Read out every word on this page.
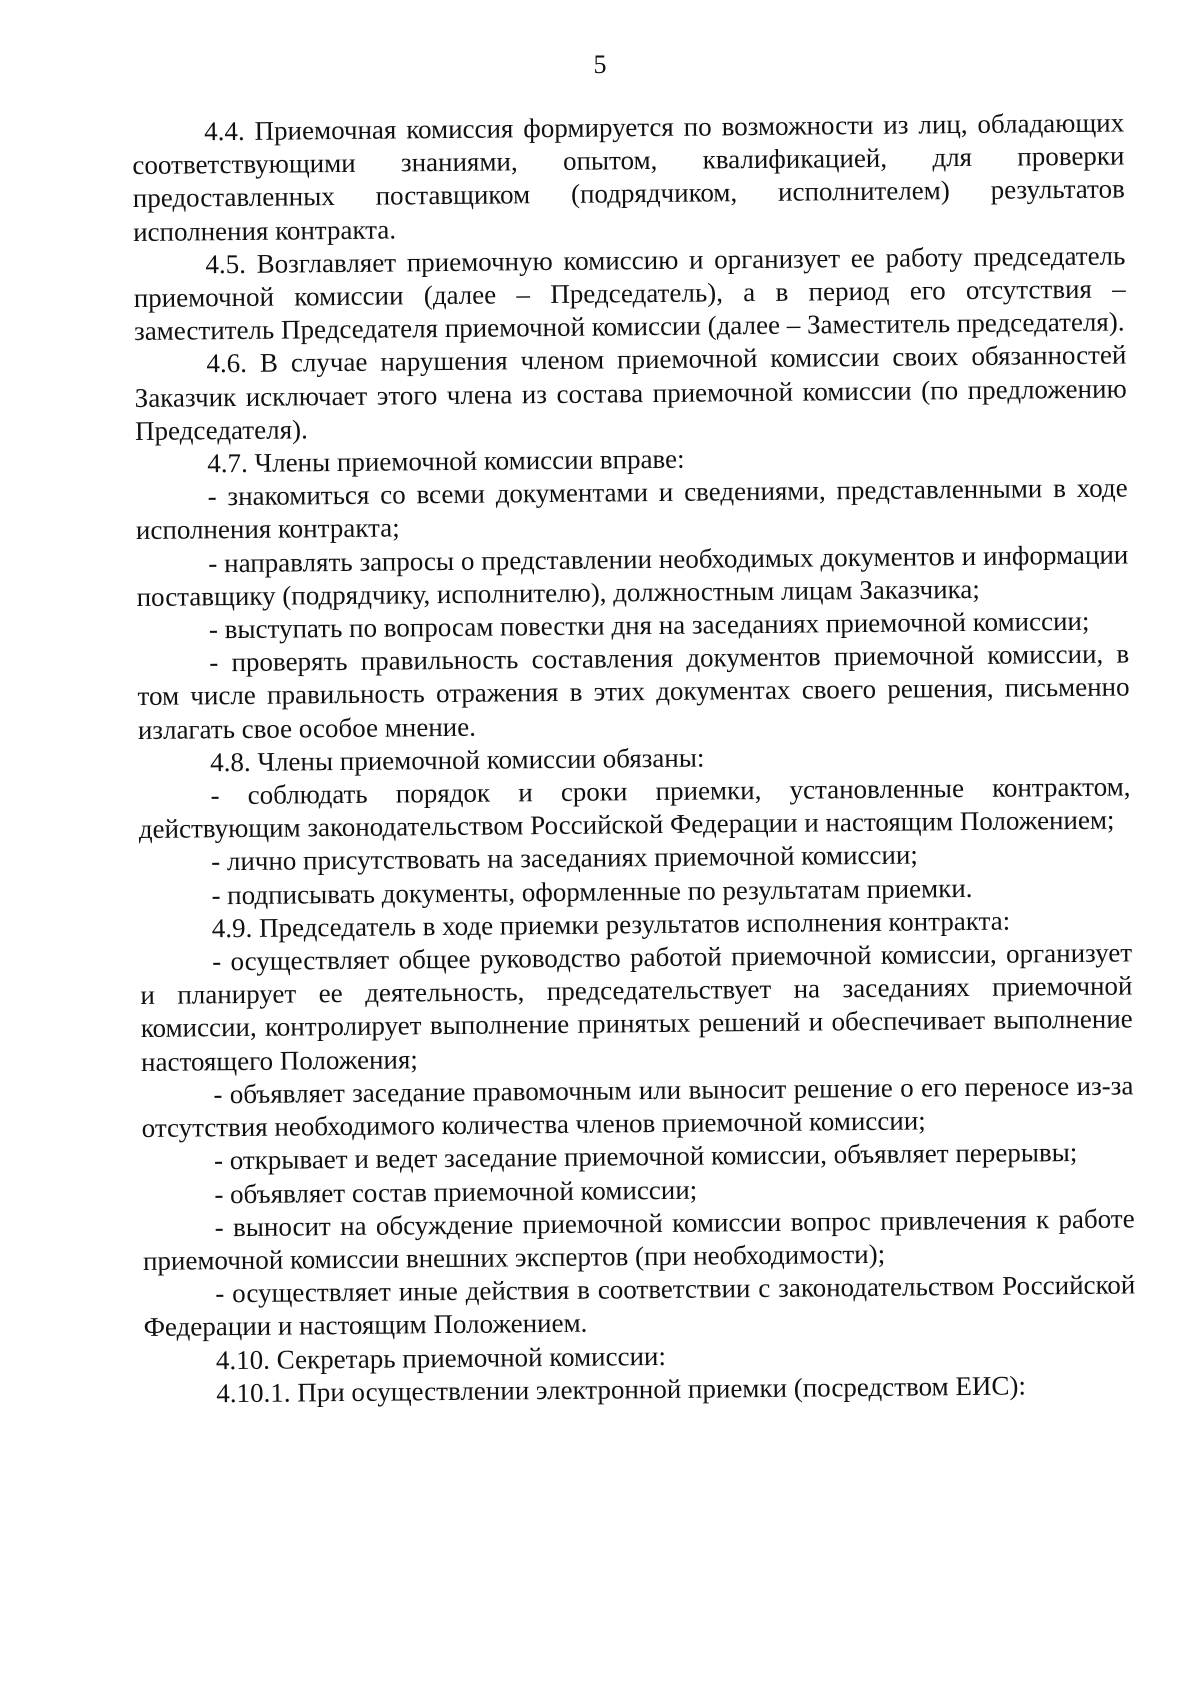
5

4.4. Приемочная комиссия формируется по возможности из лиц, обладающих соответствующими знаниями, опытом, квалификацией, для проверки предоставленных поставщиком (подрядчиком, исполнителем) результатов исполнения контракта.

4.5. Возглавляет приемочную комиссию и организует ее работу председатель приемочной комиссии (далее – Председатель), а в период его отсутствия – заместитель Председателя приемочной комиссии (далее – Заместитель председателя).

4.6. В случае нарушения членом приемочной комиссии своих обязанностей Заказчик исключает этого члена из состава приемочной комиссии (по предложению Председателя).

4.7. Члены приемочной комиссии вправе:

- знакомиться со всеми документами и сведениями, представленными в ходе исполнения контракта;

- направлять запросы о представлении необходимых документов и информации поставщику (подрядчику, исполнителю), должностным лицам Заказчика;

- выступать по вопросам повестки дня на заседаниях приемочной комиссии;

- проверять правильность составления документов приемочной комиссии, в том числе правильность отражения в этих документах своего решения, письменно излагать свое особое мнение.

4.8. Члены приемочной комиссии обязаны:

- соблюдать порядок и сроки приемки, установленные контрактом, действующим законодательством Российской Федерации и настоящим Положением;

- лично присутствовать на заседаниях приемочной комиссии;

- подписывать документы, оформленные по результатам приемки.

4.9. Председатель в ходе приемки результатов исполнения контракта:

- осуществляет общее руководство работой приемочной комиссии, организует и планирует ее деятельность, председательствует на заседаниях приемочной комиссии, контролирует выполнение принятых решений и обеспечивает выполнение настоящего Положения;

- объявляет заседание правомочным или выносит решение о его переносе из-за отсутствия необходимого количества членов приемочной комиссии;

- открывает и ведет заседание приемочной комиссии, объявляет перерывы;

- объявляет состав приемочной комиссии;

- выносит на обсуждение приемочной комиссии вопрос привлечения к работе приемочной комиссии внешних экспертов (при необходимости);

- осуществляет иные действия в соответствии с законодательством Российской Федерации и настоящим Положением.

4.10. Секретарь приемочной комиссии:

4.10.1. При осуществлении электронной приемки (посредством ЕИС):
